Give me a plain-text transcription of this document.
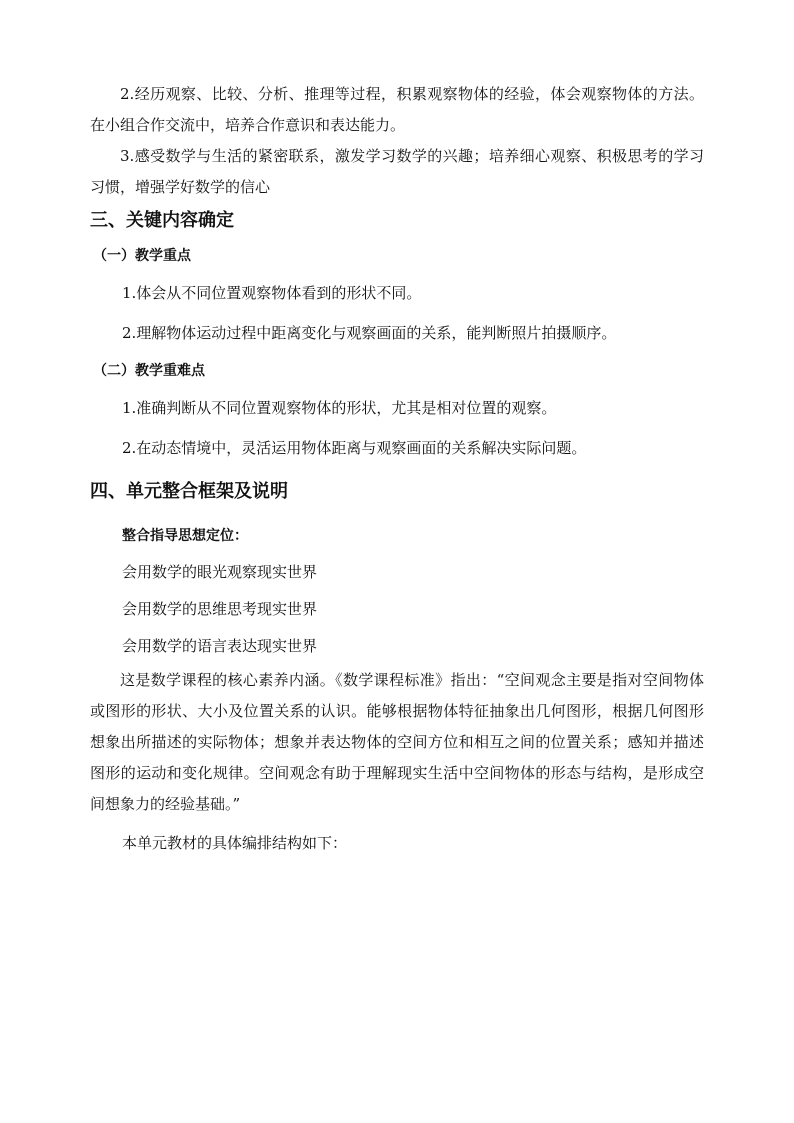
2.经历观察、比较、分析、推理等过程，积累观察物体的经验，体会观察物体的方法。在小组合作交流中，培养合作意识和表达能力。

3.感受数学与生活的紧密联系，激发学习数学的兴趣；培养细心观察、积极思考的学习习惯，增强学好数学的信心

三、关键内容确定
（一）教学重点

1.体会从不同位置观察物体看到的形状不同。

2.理解物体运动过程中距离变化与观察画面的关系，能判断照片拍摄顺序。

（二）教学重难点

1.准确判断从不同位置观察物体的形状，尤其是相对位置的观察。

2.在动态情境中，灵活运用物体距离与观察画面的关系解决实际问题。

四、单元整合框架及说明

整合指导思想定位：

会用数学的眼光观察现实世界

会用数学的思维思考现实世界

会用数学的语言表达现实世界

这是数学课程的核心素养内涵。《数学课程标准》指出：“空间观念主要是指对空间物体或图形的形状、大小及位置关系的认识。能够根据物体特征抽象出几何图形，根据几何图形想象出所描述的实际物体；想象并表达物体的空间方位和相互之间的位置关系；感知并描述图形的运动和变化规律。空间观念有助于理解现实生活中空间物体的形态与结构，是形成空间想象力的经验基础。”

本单元教材的具体编排结构如下：
